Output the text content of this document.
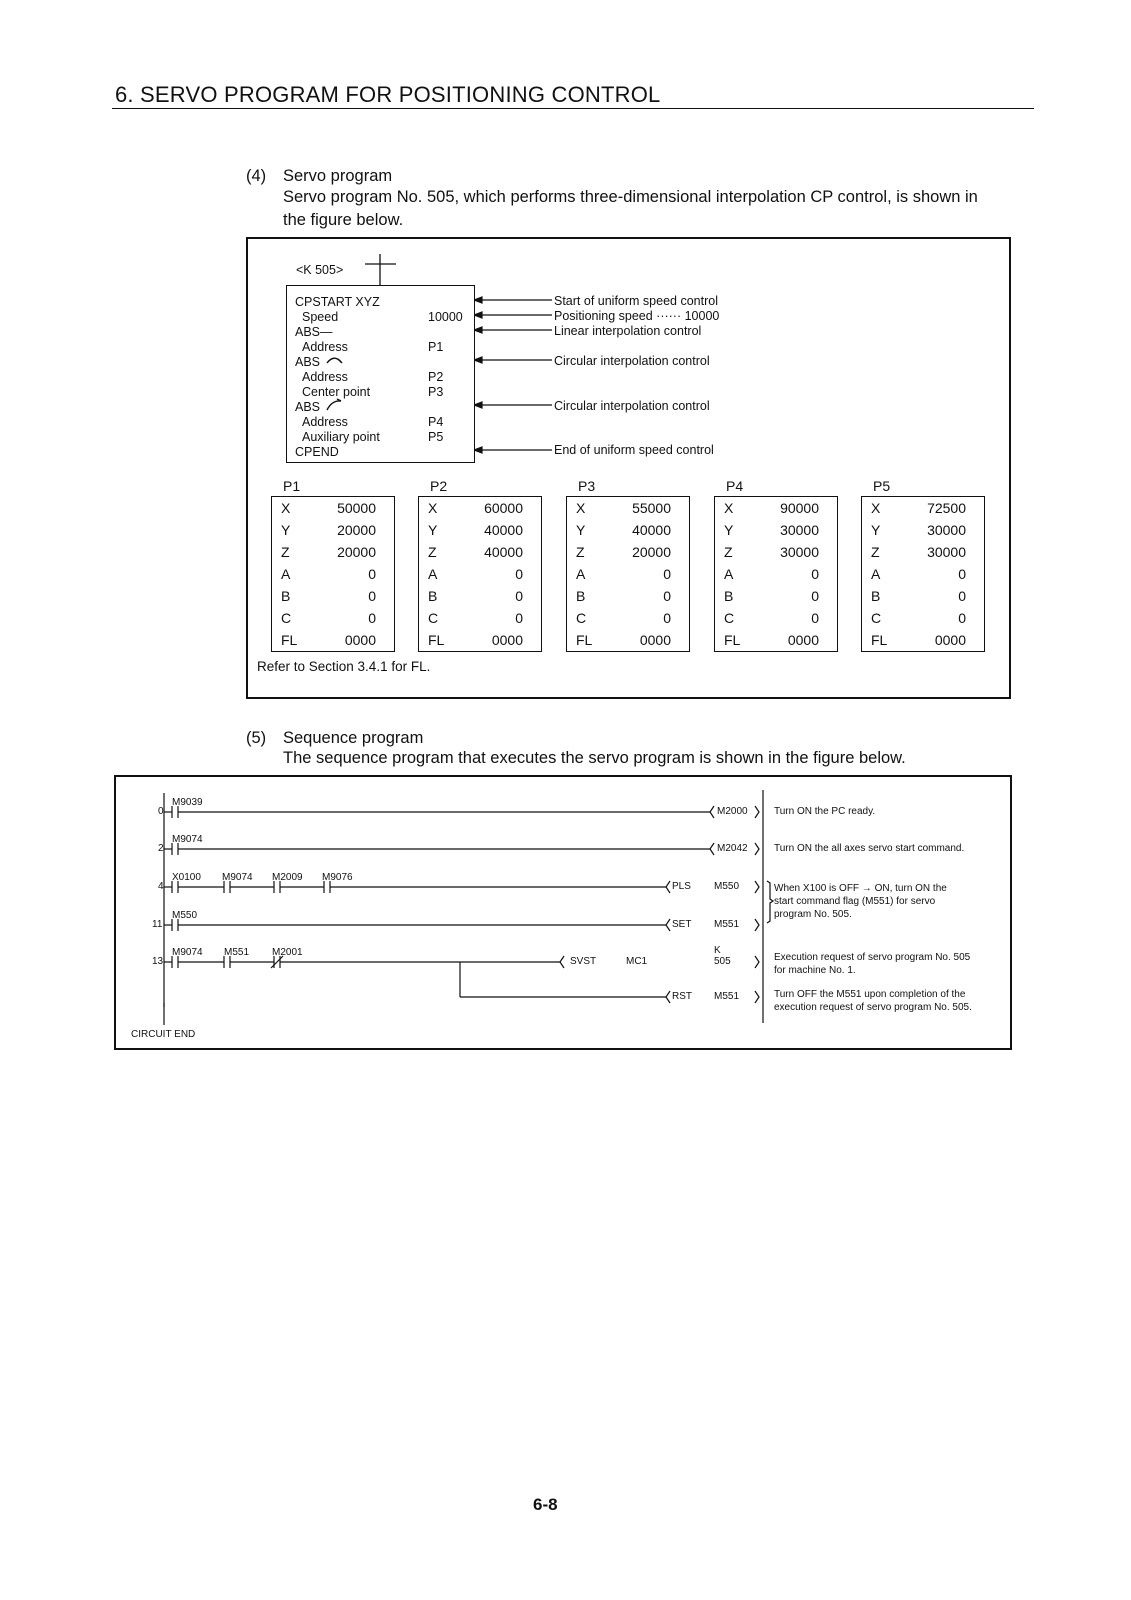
6. SERVO PROGRAM FOR POSITIONING CONTROL
(4) Servo program
Servo program No. 505, which performs three-dimensional interpolation CP control, is shown in
the figure below.
<K 505>
CPSTART XYZ
Speed	10000
ABS—
Address	P1
ABS
Address	P2
Center point	P3
ABS
Address	P4
Auxiliary point	P5
CPEND
Start of uniform speed control
Positioning speed ······ 10000
Linear interpolation control
Circular interpolation control
Circular interpolation control
End of uniform speed control
P1
X	50000
Y	20000
Z	20000
A	0
B	0
C	0
FL	0000
P2
X	60000
Y	40000
Z	40000
A	0
B	0
C	0
FL	0000
P3
X	55000
Y	40000
Z	20000
A	0
B	0
C	0
FL	0000
P4
X	90000
Y	30000
Z	30000
A	0
B	0
C	0
FL	0000
P5
X	72500
Y	30000
Z	30000
A	0
B	0
C	0
FL	0000
Refer to Section 3.4.1 for FL.
(5) Sequence program
The sequence program that executes the servo program is shown in the figure below.
0
2
4
11
13
M9039
M9074
X0100 M9074 M2009 M9076
M550
M9074 M551 M2001
M2000
M2042
PLS M550
SET M551
SVST	MC1
K
505
RST M551
Turn ON the PC ready.
Turn ON the all axes servo start command.
When X100 is OFF → ON, turn ON the
start command flag (M551) for servo
program No. 505.
Execution request of servo program No. 505
for machine No. 1.
Turn OFF the M551 upon completion of the
execution request of servo program No. 505.
CIRCUIT END
6-8
